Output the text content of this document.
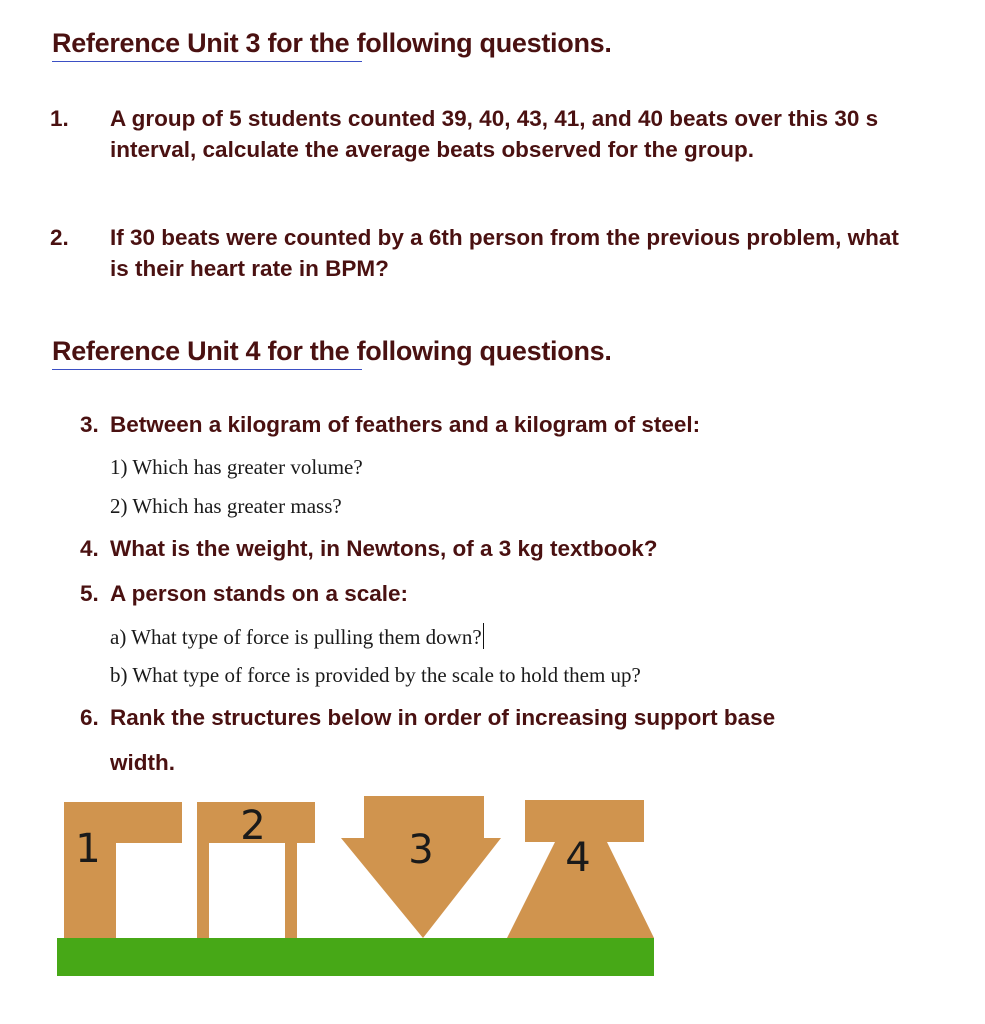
Reference Unit 3 for the following questions.
1. A group of 5 students counted 39, 40, 43, 41, and 40 beats over this 30 s interval, calculate the average beats observed for the group.
2. If 30 beats were counted by a 6th person from the previous problem, what is their heart rate in BPM?
Reference Unit 4 for the following questions.
3. Between a kilogram of feathers and a kilogram of steel:
1) Which has greater volume?
2) Which has greater mass?
4. What is the weight, in Newtons, of a 3 kg textbook?
5. A person stands on a scale:
a) What type of force is pulling them down?
b) What type of force is provided by the scale to hold them up?
6. Rank the structures below in order of increasing support base
width.
1	2
3	4
